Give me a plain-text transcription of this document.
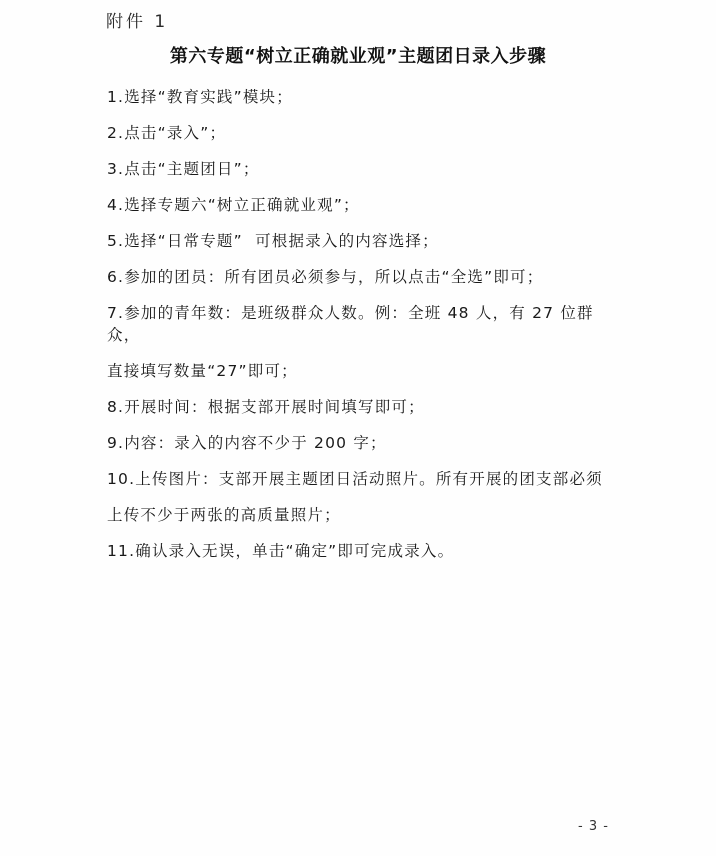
附件 1
第六专题“树立正确就业观”主题团日录入步骤
1.选择“教育实践”模块；
2.点击“录入”；
3.点击“主题团日”；
4.选择专题六“树立正确就业观”；
5.选择“日常专题”  可根据录入的内容选择；
6.参加的团员：所有团员必须参与，所以点击“全选”即可；
7.参加的青年数：是班级群众人数。例：全班 48 人，有 27 位群众，
直接填写数量“27”即可；
8.开展时间：根据支部开展时间填写即可；
9.内容：录入的内容不少于 200 字；
10.上传图片：支部开展主题团日活动照片。所有开展的团支部必须
上传不少于两张的高质量照片；
11.确认录入无误，单击“确定”即可完成录入。
- 3 -
